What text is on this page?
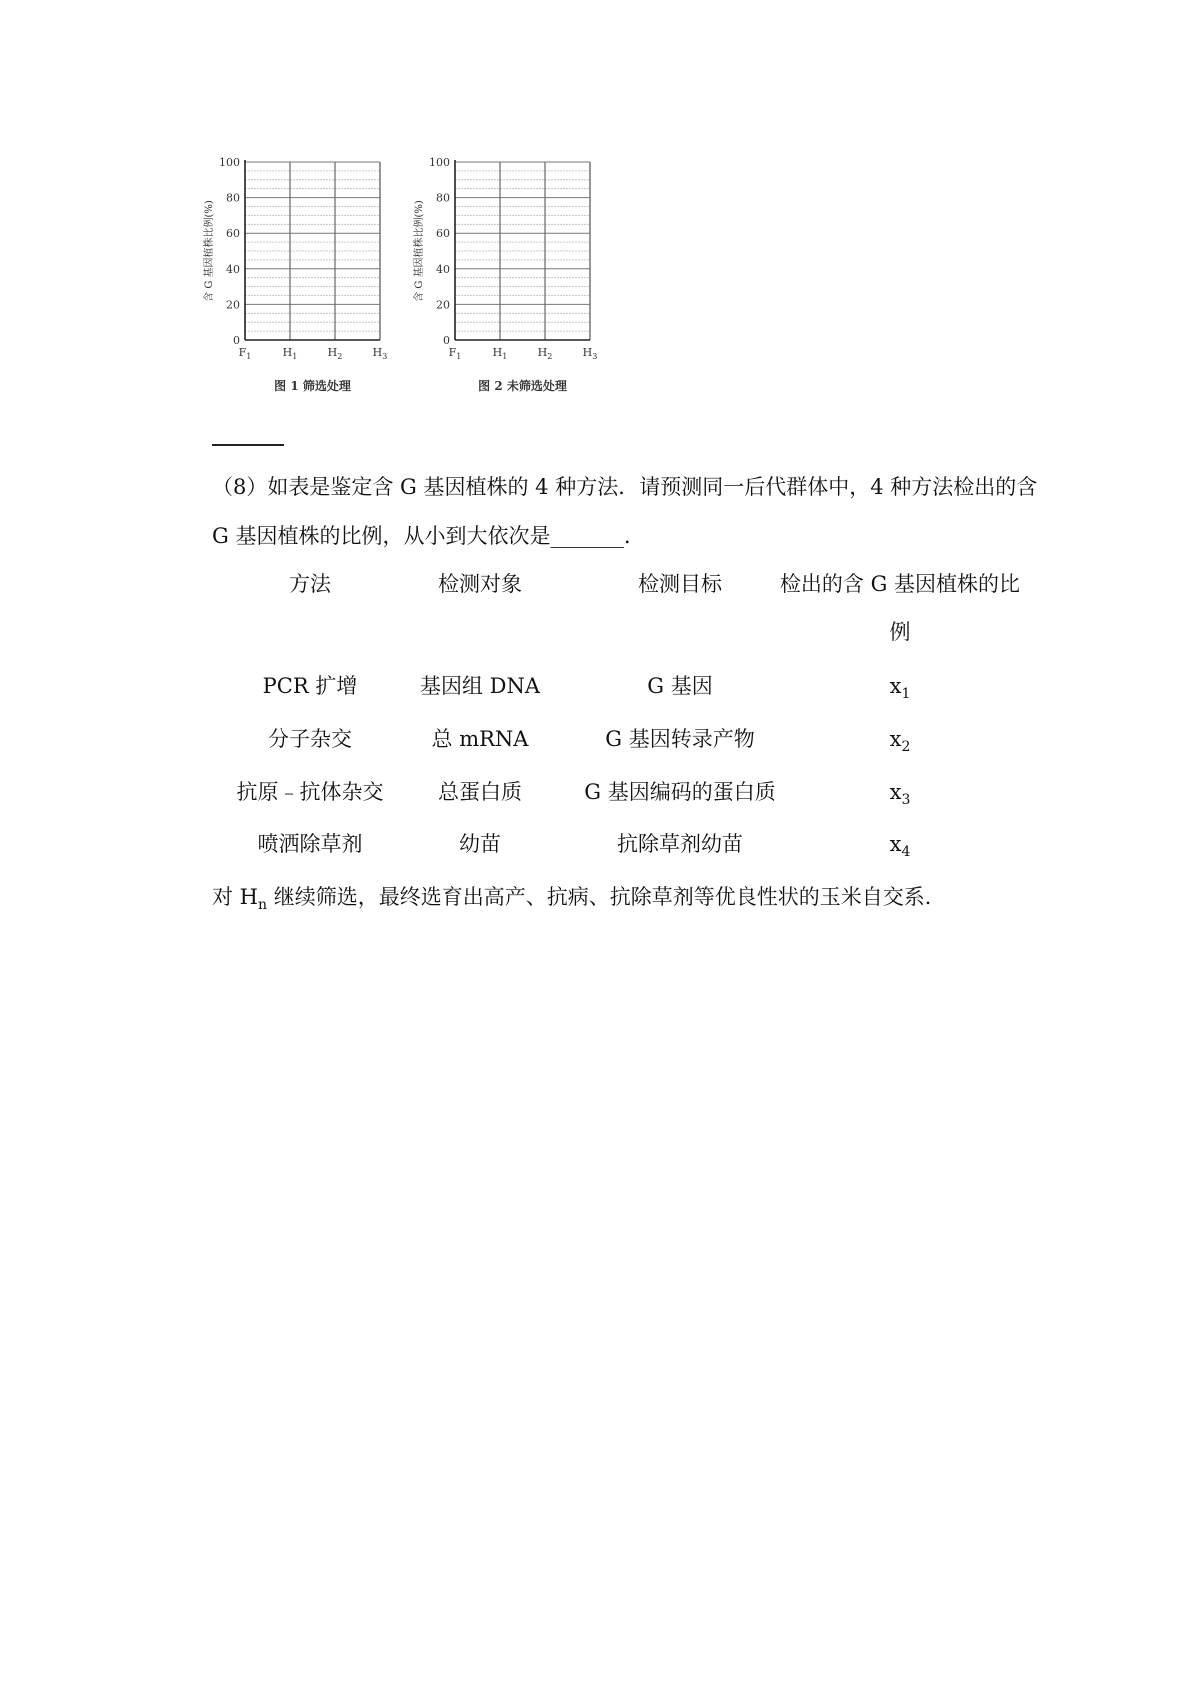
0
20
40
60
80
100
$F_1$	$H_1$	$H_2$	$H_3$
含 G 基因植株比例(%)
图 1 筛选处理
0
20
40
60
80
100
$F_1$	$H_1$	$H_2$	$H_3$
含 G 基因植株比例(%)
图 2 未筛选处理
（8）如表是鉴定含 G 基因植株的 4 种方法．请预测同一后代群体中，4 种方法检出的含
G 基因植株的比例，从小到大依次是_______．
方法	检测对象	检测目标	检出的含 G 基因植株的比
例
PCR 扩增	基因组 DNA	G 基因	$x_1$
分子杂交	总 mRNA	G 基因转录产物	$x_2$
抗原﹣抗体杂交	总蛋白质	G 基因编码的蛋白质	$x_3$
喷洒除草剂	幼苗	抗除草剂幼苗	$x_4$
对 $H_n$ 继续筛选，最终选育出高产、抗病、抗除草剂等优良性状的玉米自交系．
